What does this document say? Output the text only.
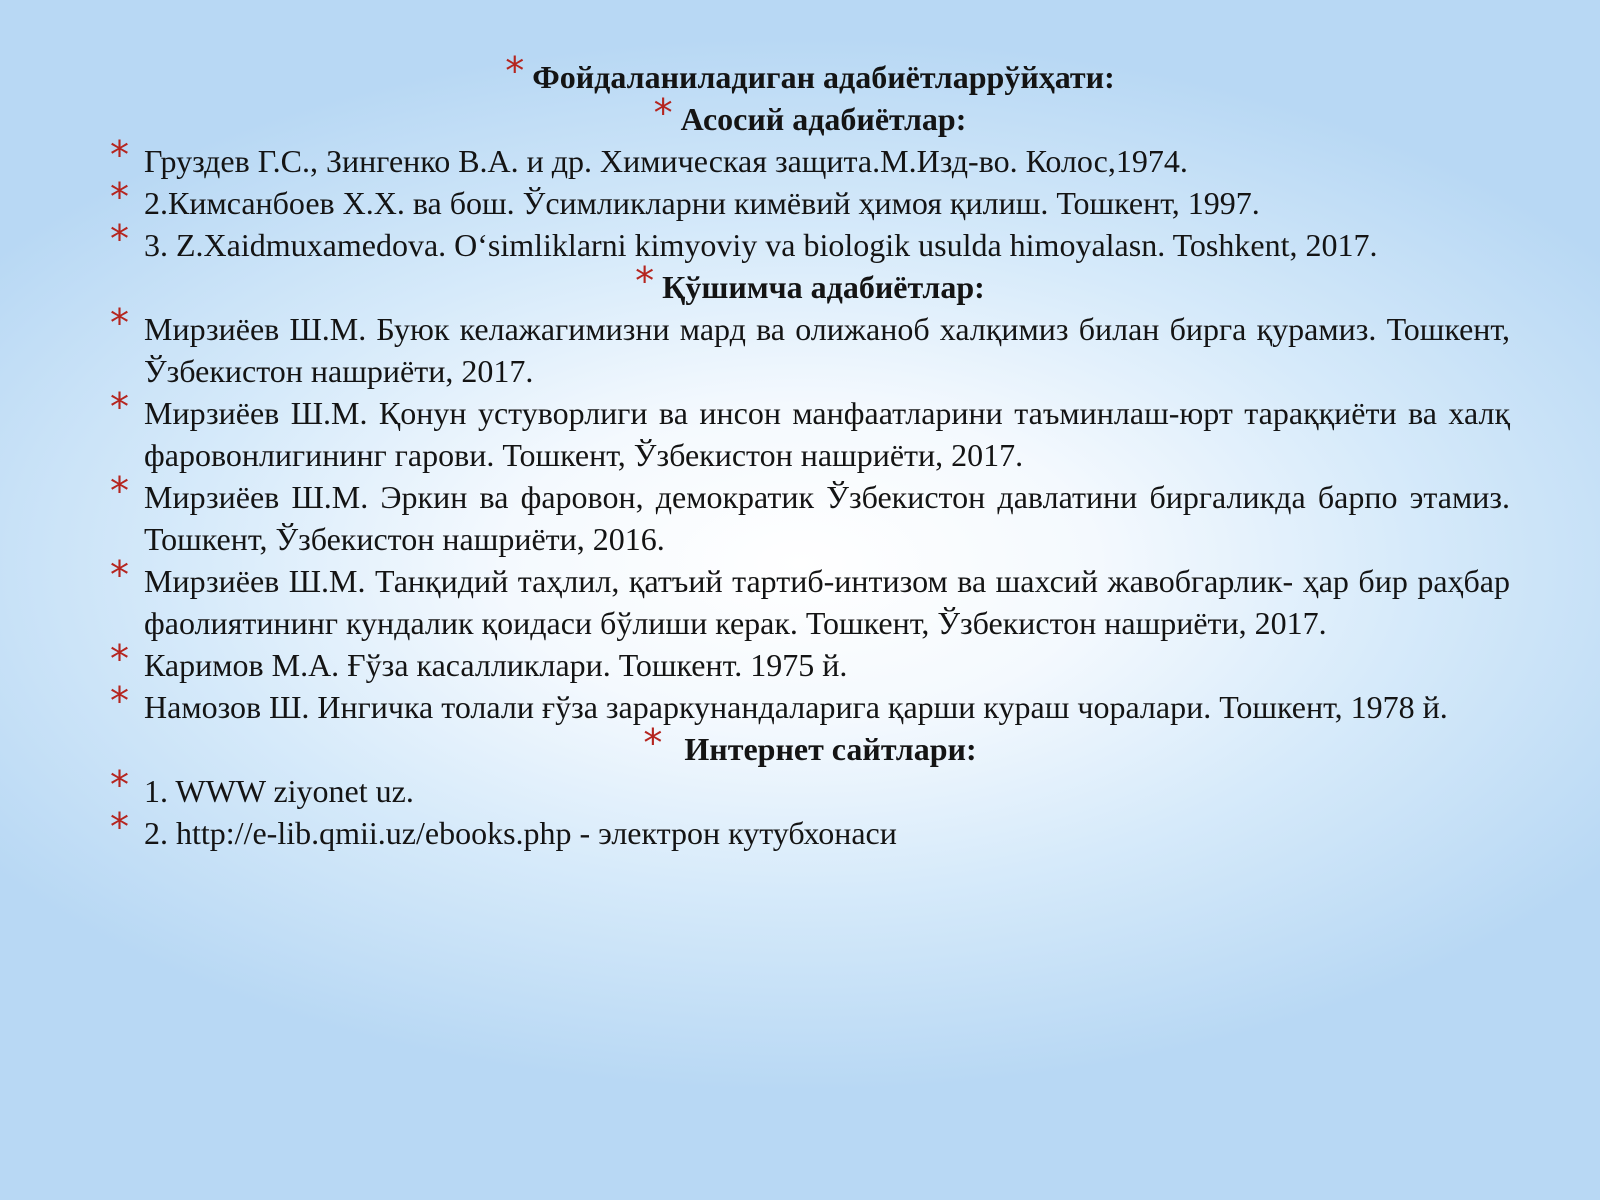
* Фойдаланиладиган адабиётларрўйҳати:

* Асосий адабиётлар:

* Груздев Г.С., Зингенко В.А. и др. Химическая защита.М.Изд-во. Колос,1974.

* 2.Кимсанбоев Х.Х. ва бош. Ўсимликларни кимёвий ҳимоя қилиш. Тошкент, 1997.

* 3. Z.Xaidmuxamedova. O‘simliklarni kimyoviy va biologik usulda himoyalasn. Toshkent, 2017.

* Қўшимча адабиётлар:

* Мирзиёев Ш.М. Буюк келажагимизни мард ва олижаноб халқимиз билан бирга қурамиз. Тошкент, Ўзбекистон нашриёти, 2017.

* Мирзиёев Ш.М. Қонун устуворлиги ва инсон манфаатларини таъминлаш-юрт тараққиёти ва халқ фаровонлигининг гарови. Тошкент, Ўзбекистон нашриёти, 2017.

* Мирзиёев Ш.М. Эркин ва фаровон, демократик Ўзбекистон давлатини биргаликда барпо этамиз. Тошкент, Ўзбекистон нашриёти, 2016.

* Мирзиёев Ш.М. Танқидий таҳлил, қатъий тартиб-интизом ва шахсий жавобгарлик- ҳар бир раҳбар фаолиятининг кундалик қоидаси бўлиши керак. Тошкент, Ўзбекистон нашриёти, 2017.

* Каримов М.А. Ғўза касалликлари. Тошкент. 1975 й.

* Намозов Ш. Ингичка толали ғўза зараркунандаларига қарши кураш чоралари. Тошкент, 1978 й.

* Интернет сайтлари:

* 1. WWW ziyonet uz.

* 2. http://e-lib.qmii.uz/ebooks.php - электрон кутубхонаси
